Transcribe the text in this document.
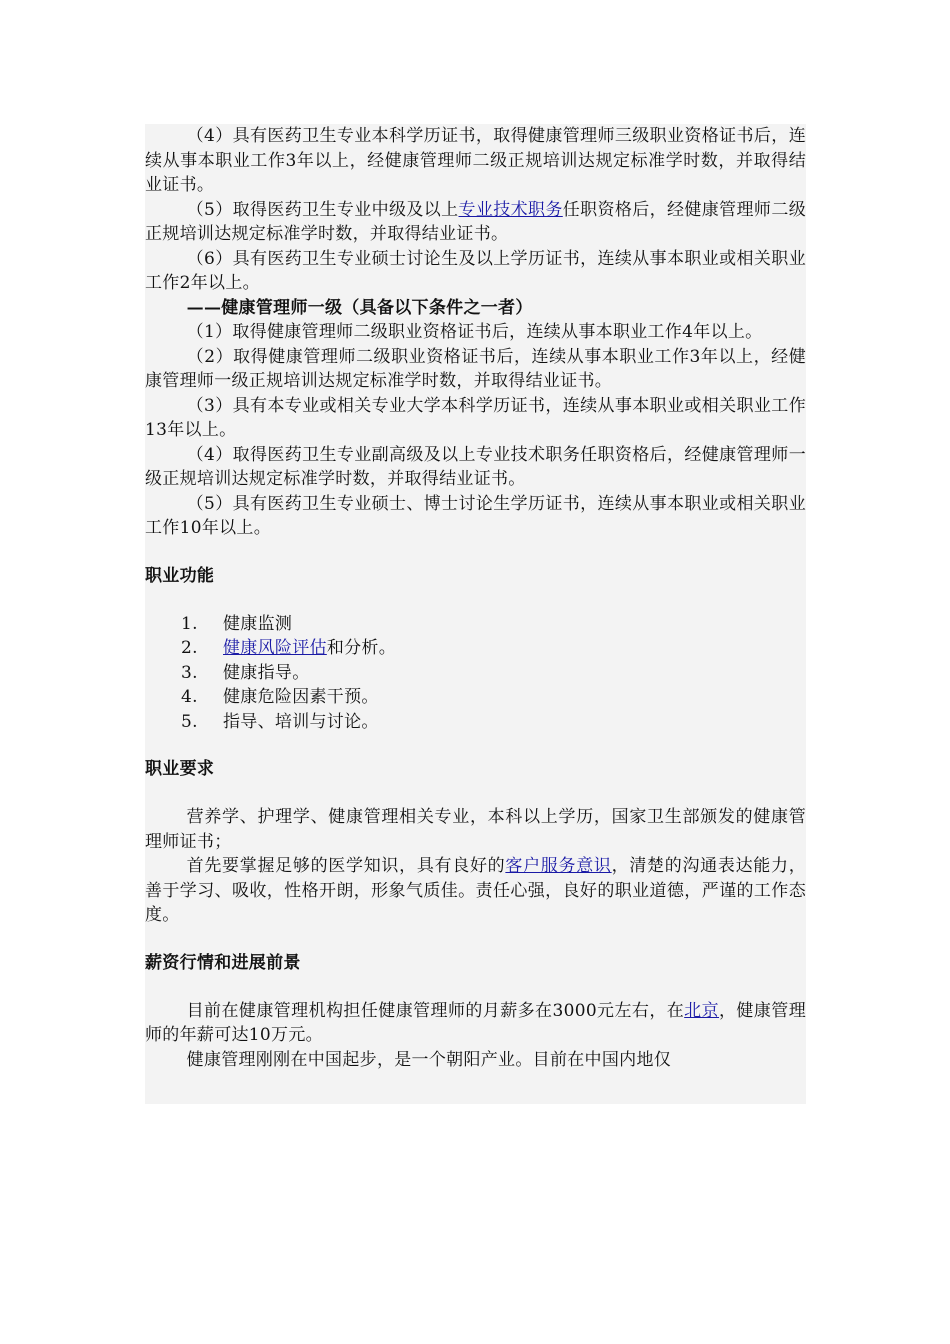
（4）具有医药卫生专业本科学历证书，取得健康管理师三级职业资格证书后，连续从事本职业工作3年以上，经健康管理师二级正规培训达规定标准学时数，并取得结业证书。

（5）取得医药卫生专业中级及以上专业技术职务任职资格后，经健康管理师二级正规培训达规定标准学时数，并取得结业证书。

（6）具有医药卫生专业硕士讨论生及以上学历证书，连续从事本职业或相关职业工作2年以上。

——健康管理师一级（具备以下条件之一者）

（1）取得健康管理师二级职业资格证书后，连续从事本职业工作4年以上。

（2）取得健康管理师二级职业资格证书后，连续从事本职业工作3年以上，经健康管理师一级正规培训达规定标准学时数，并取得结业证书。

（3）具有本专业或相关专业大学本科学历证书，连续从事本职业或相关职业工作13年以上。

（4）取得医药卫生专业副高级及以上专业技术职务任职资格后，经健康管理师一级正规培训达规定标准学时数，并取得结业证书。

（5）具有医药卫生专业硕士、博士讨论生学历证书，连续从事本职业或相关职业工作10年以上。

职业功能
1. 健康监测
2. 健康风险评估和分析。
3. 健康指导。
4. 健康危险因素干预。
5. 指导、培训与讨论。
职业要求

营养学、护理学、健康管理相关专业，本科以上学历，国家卫生部颁发的健康管理师证书；

首先要掌握足够的医学知识，具有良好的客户服务意识，清楚的沟通表达能力，善于学习、吸收，性格开朗，形象气质佳。责任心强，良好的职业道德，严谨的工作态度。

薪资行情和进展前景

目前在健康管理机构担任健康管理师的月薪多在3000元左右，在北京，健康管理师的年薪可达10万元。

健康管理刚刚在中国起步，是一个朝阳产业。目前在中国内地仅
